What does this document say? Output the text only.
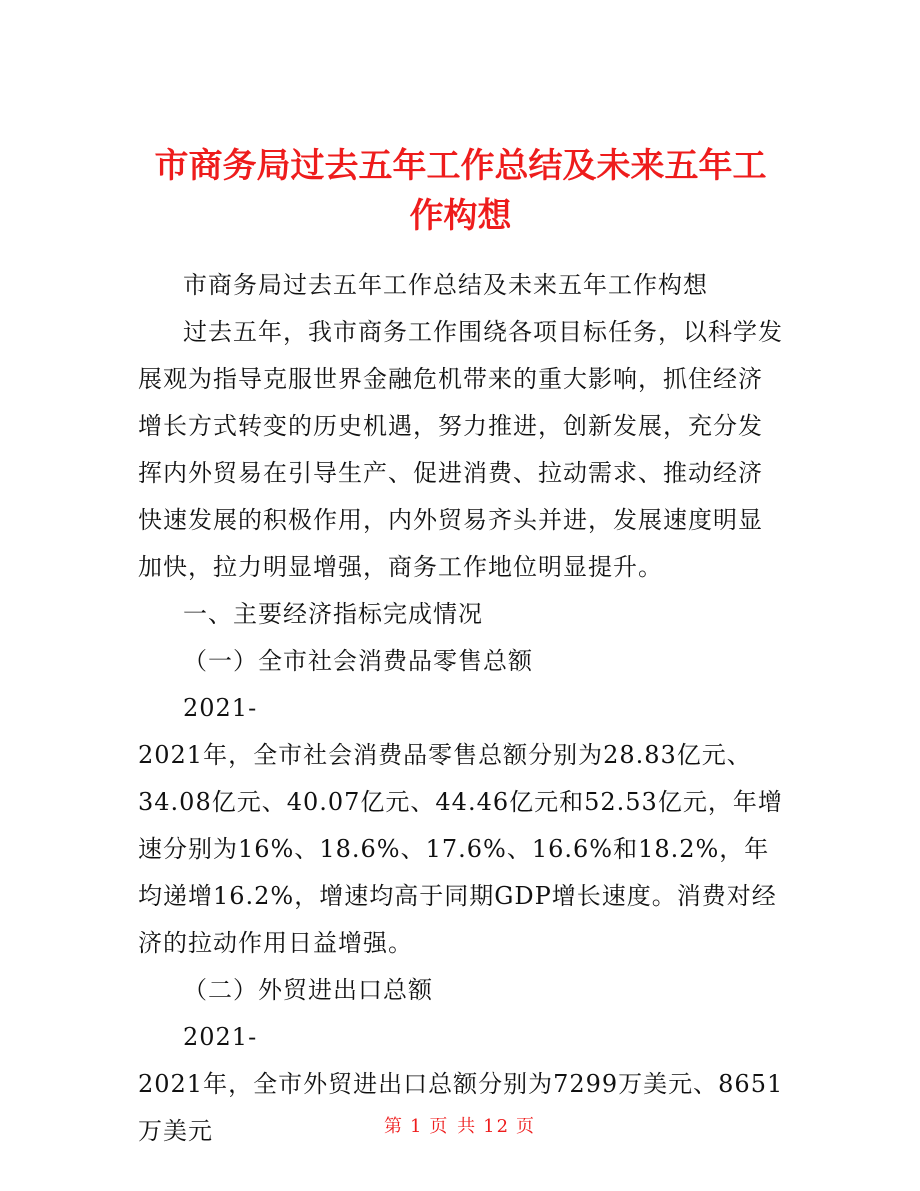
市商务局过去五年工作总结及未来五年工作构想

市商务局过去五年工作总结及未来五年工作构想

过去五年，我市商务工作围绕各项目标任务，以科学发展观为指导克服世界金融危机带来的重大影响，抓住经济增长方式转变的历史机遇，努力推进，创新发展，充分发挥内外贸易在引导生产、促进消费、拉动需求、推动经济快速发展的积极作用，内外贸易齐头并进，发展速度明显加快，拉力明显增强，商务工作地位明显提升。

一、主要经济指标完成情况

（一）全市社会消费品零售总额

2021-

2021年，全市社会消费品零售总额分别为28.83亿元、34.08亿元、40.07亿元、44.46亿元和52.53亿元，年增速分别为16%、18.6%、17.6%、16.6%和18.2%，年均递增16.2%，增速均高于同期GDP增长速度。消费对经济的拉动作用日益增强。

（二）外贸进出口总额

2021-

2021年，全市外贸进出口总额分别为7299万美元、8651万美元	第 1 页 共 12 页
